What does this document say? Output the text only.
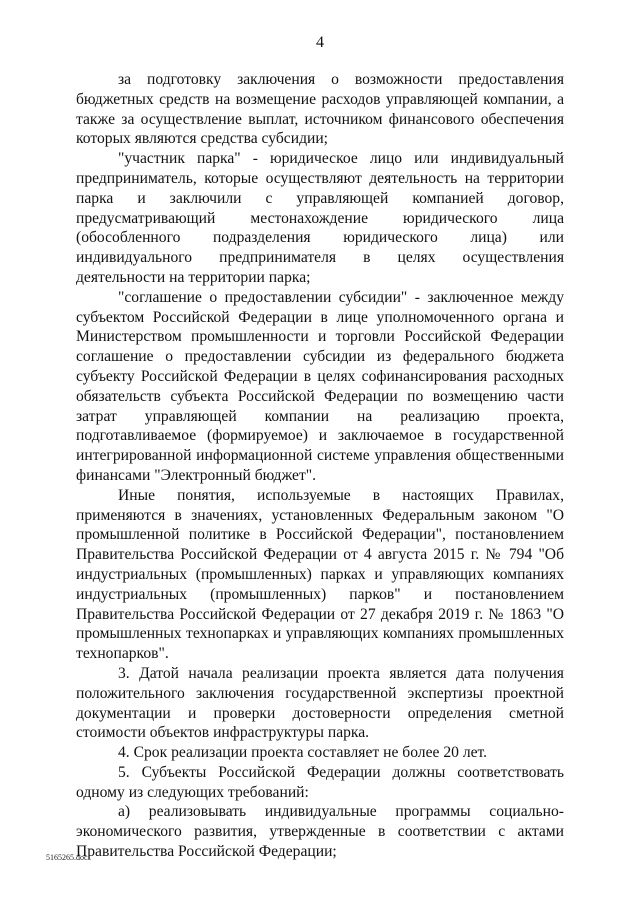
4

за подготовку заключения о возможности предоставления бюджетных средств на возмещение расходов управляющей компании, а также за осуществление выплат, источником финансового обеспечения которых являются средства субсидии;

"участник парка" - юридическое лицо или индивидуальный предприниматель, которые осуществляют деятельность на территории парка и заключили с управляющей компанией договор, предусматривающий местонахождение юридического лица (обособленного подразделения юридического лица) или индивидуального предпринимателя в целях осуществления деятельности на территории парка;

"соглашение о предоставлении субсидии" - заключенное между субъектом Российской Федерации в лице уполномоченного органа и Министерством промышленности и торговли Российской Федерации соглашение о предоставлении субсидии из федерального бюджета субъекту Российской Федерации в целях софинансирования расходных обязательств субъекта Российской Федерации по возмещению части затрат управляющей компании на реализацию проекта, подготавливаемое (формируемое) и заключаемое в государственной интегрированной информационной системе управления общественными финансами "Электронный бюджет".

Иные понятия, используемые в настоящих Правилах, применяются в значениях, установленных Федеральным законом "О промышленной политике в Российской Федерации", постановлением Правительства Российской Федерации от 4 августа 2015 г. № 794 "Об индустриальных (промышленных) парках и управляющих компаниях индустриальных (промышленных) парков" и постановлением Правительства Российской Федерации от 27 декабря 2019 г. № 1863 "О промышленных технопарках и управляющих компаниях промышленных технопарков".

3. Датой начала реализации проекта является дата получения положительного заключения государственной экспертизы проектной документации и проверки достоверности определения сметной стоимости объектов инфраструктуры парка.

4. Срок реализации проекта составляет не более 20 лет.

5. Субъекты Российской Федерации должны соответствовать одному из следующих требований:

а) реализовывать индивидуальные программы социально-экономического развития, утвержденные в соответствии с актами Правительства Российской Федерации;

5165265.doc
